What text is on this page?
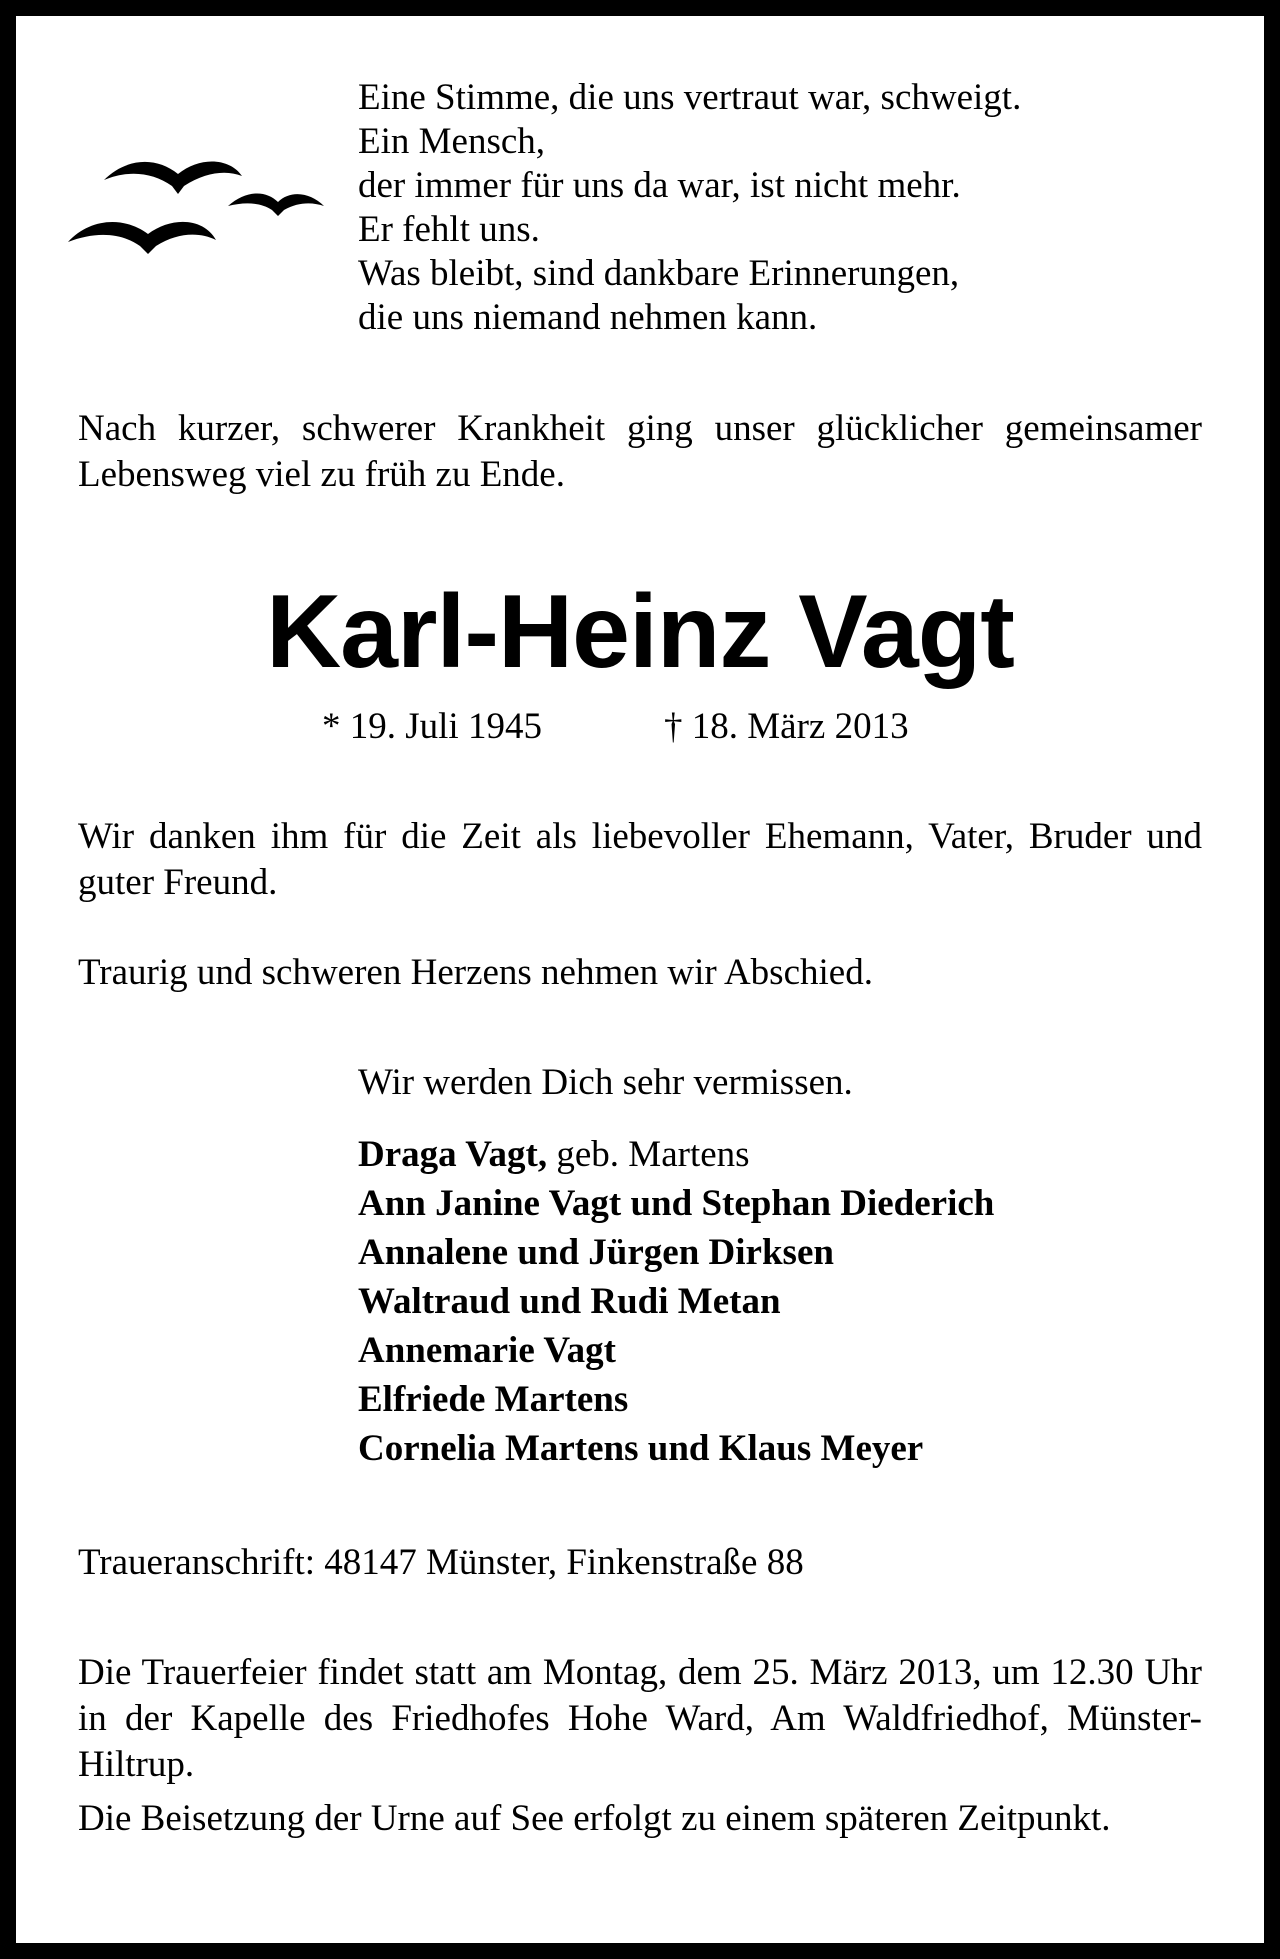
Eine Stimme, die uns vertraut war, schweigt.
Ein Mensch,
der immer für uns da war, ist nicht mehr.
Er fehlt uns.
Was bleibt, sind dankbare Erinnerungen,
die uns niemand nehmen kann.
Nach kurzer, schwerer Krankheit ging unser glücklicher gemeinsamer Lebensweg viel zu früh zu Ende.
Karl-Heinz Vagt
* 19. Juli 1945	† 18. März 2013
Wir danken ihm für die Zeit als liebevoller Ehemann, Vater, Bruder und guter Freund.
Traurig und schweren Herzens nehmen wir Abschied.
Wir werden Dich sehr vermissen.
Draga Vagt, geb. Martens
Ann Janine Vagt und Stephan Diederich
Annalene und Jürgen Dirksen
Waltraud und Rudi Metan
Annemarie Vagt
Elfriede Martens
Cornelia Martens und Klaus Meyer
Traueranschrift: 48147 Münster, Finkenstraße 88
Die Trauerfeier findet statt am Montag, dem 25. März 2013, um 12.30 Uhr in der Kapelle des Friedhofes Hohe Ward, Am Waldfriedhof, Münster-Hiltrup.
Die Beisetzung der Urne auf See erfolgt zu einem späteren Zeitpunkt.
